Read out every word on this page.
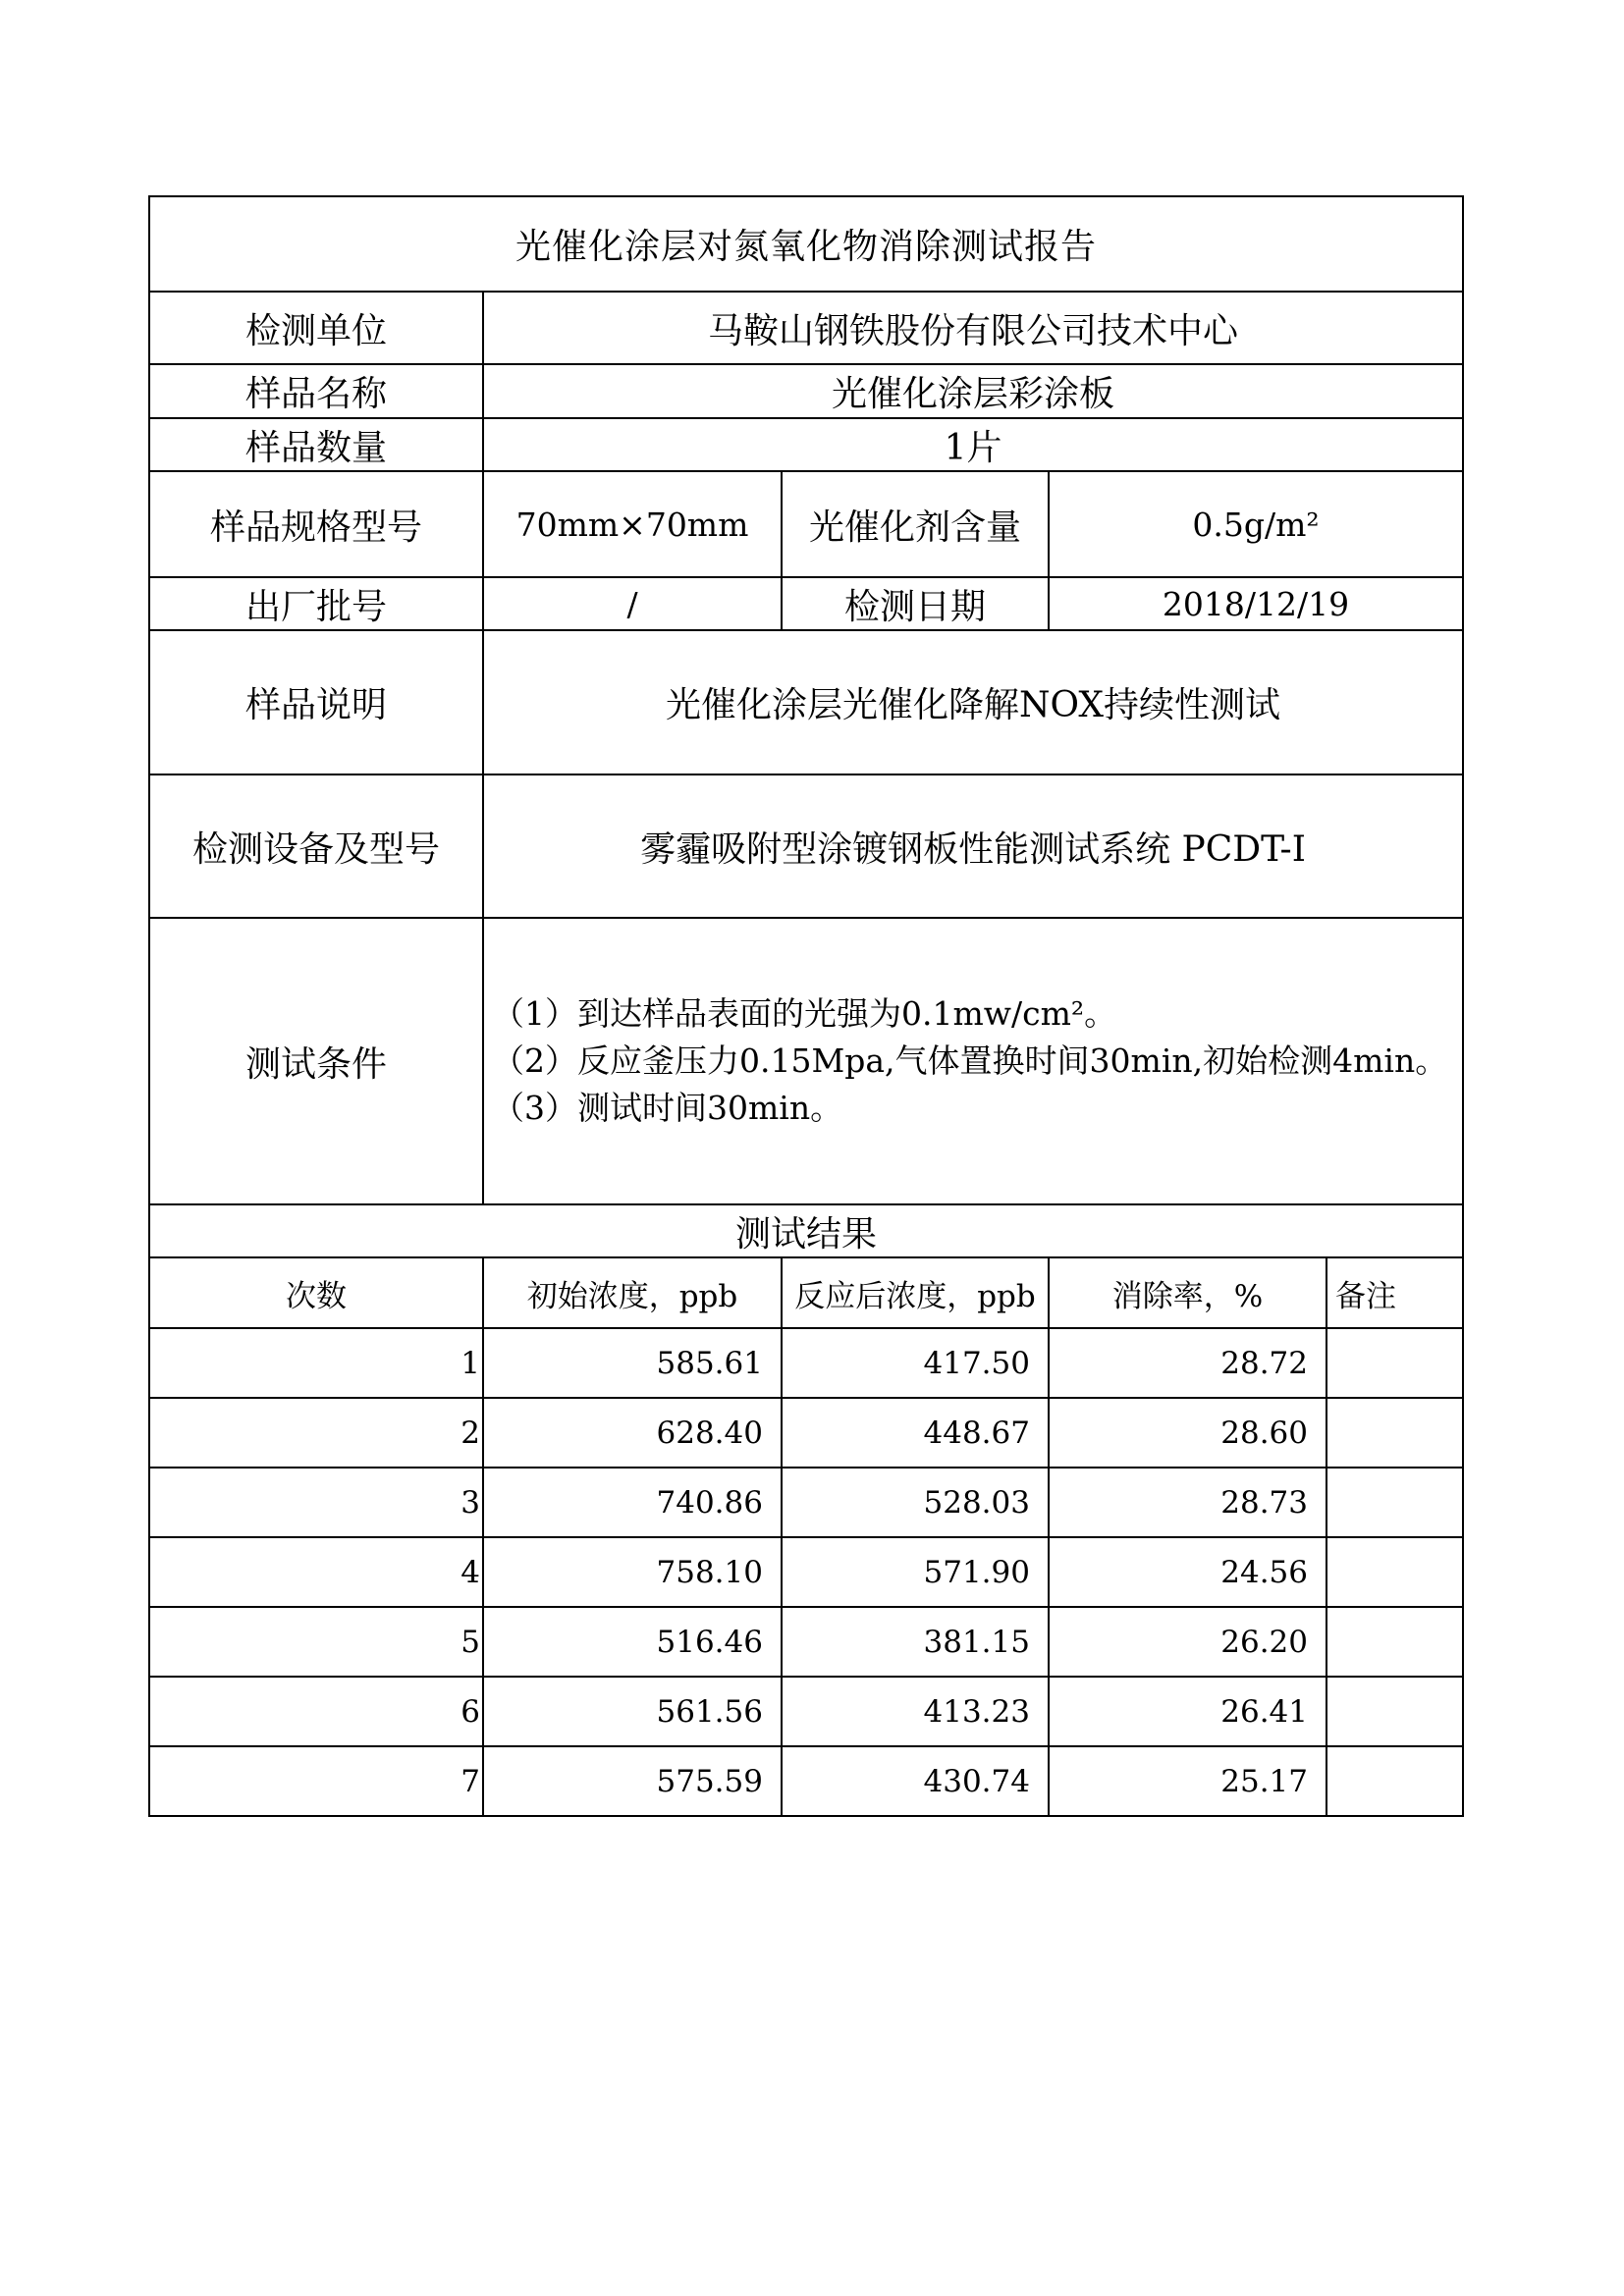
光催化涂层对氮氧化物消除测试报告				
检测单位	马鞍山钢铁股份有限公司技术中心			
样品名称	光催化涂层彩涂板			
样品数量	1片			
样品规格型号	70mm×70mm	光催化剂含量	0.5g/m²	
出厂批号	/	检测日期	2018/12/19	
样品说明	光催化涂层光催化降解NOX持续性测试			
检测设备及型号	雾霾吸附型涂镀钢板性能测试系统 PCDT-I			
测试条件	（1）到达样品表面的光强为0.1mw/cm²。
（2）反应釜压力0.15Mpa,气体置换时间30min,初始检测4min。
（3）测试时间30min。			

测试结果				
次数	初始浓度，ppb	反应后浓度，ppb	消除率，%	备注
1	585.61	417.50	28.72	
2	628.40	448.67	28.60	
3	740.86	528.03	28.73	
4	758.10	571.90	24.56	
5	516.46	381.15	26.20	
6	561.56	413.23	26.41	
7	575.59	430.74	25.17	
